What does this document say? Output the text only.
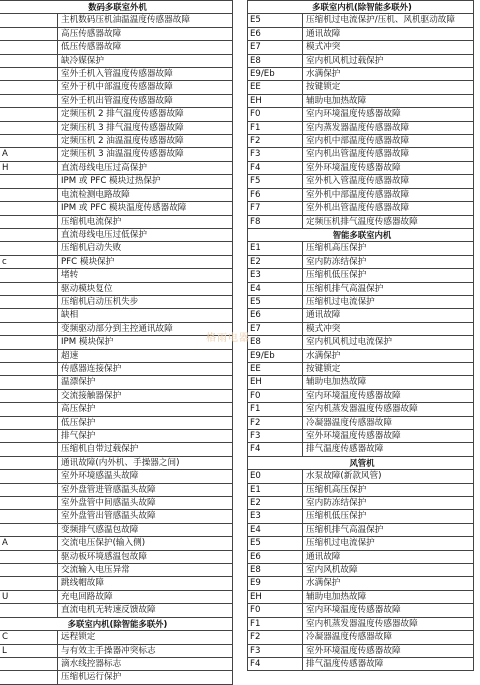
数码多联室外机	
	主机数码压机油温温度传感器故障
	高压传感器故障
	低压传感器故障
	缺冷媒保护
	室外壬机入管温度传感器故障
	室外于机中部温度传感器故障
	室外壬机出管温度传感器故障
	定频压机 2 排气温度传感器故障
	定频压机 3 排气温度传感器故障
	定频压机 2 油温温度传感器故障
A	定频压机 3 油温温度传感器故障
H	直流母线电压过高保护
	IPM 或 PFC 模块过热保护
	电流检测电路故障
	IPM 或 PFC 模块温度传感器故障
	压缩机电流保护
	直流母线电压过低保护
	压缩机启动失败
c	PFC 模块保护
	堵转
	驱动模块复位
	压缩机启动压机失步
	缺相
	变频驱动部分到主控通讯故障
	IPM 模块保护
	超速
	传感器连接保护
	温漂保护
	交流接触器保护
	高压保护
	低压保护
	排气保护
	压缩机自带过载保护
	通讯故障(内外机、手操器之间)
	室外环境感温头故障
	室外盘管进管感温头故障
	室外盘管中间感温头故障
	室外盘管出管感温头故障
	变频排气感温包故障
A	交流电压保护(输入侧)
	驱动板环境感温包故障
	交流输入电压异常
	跳线帽故障
U	充电回路故障
	直流电机无转速反馈故障
多联室内机(除智能多联外)	
C	远程锁定
L	与有效主手操器冲突标志
	滴水线控器标志
	压缩机运行保护
多联室内机(除智能多联外)	
E5	压缩机过电流保护/压机、风机驱动故障
E6	通讯故障
E7	模式冲突
E8	室内机风机过载保护
E9/Eb	水满保护
EE	按键锁定
EH	辅助电加热故障
F0	室内环境温度传感器故障
F1	室内蒸发器温度传感器故障
F2	室内机中部温度传感器故障
F3	室内机出管温度传感器故障
F4	室外环境温度传感器故障
F5	室外机入管温度传感器故障
F6	室外机中部温度传感器故障
F7	室外机出管温度传感器故障
F8	定频压机排气温度传感器故障
智能多联室内机	
E1	压缩机高压保护
E2	室内防冻结保护
E3	压缩机低压保护
E4	压缩机排气高温保护
E5	压缩机过电流保护
E6	通讯故障
E7	模式冲突
E8	室内机风机过电流保护
E9/Eb	水满保护
EE	按键锁定
EH	辅助电加热故障
F0	室内环境温度传感器故障
F1	室内机蒸发器温度传感器故障
F2	冷凝器温度传感器故障
F3	室外环境温度传感器故障
F4	排气温度传感器故障
风管机	
E0	水泵故障(新款风管)
E1	压缩机高压保护
E2	室内防冻结保护
E3	压缩机低压保护
E4	压缩机排气高温保护
E5	压缩机过电流保护
E6	通讯故障
E8	室内风机故障
E9	水满保护
EH	辅助电加热故障
F0	室内环境温度传感器故障
F1	室内机蒸发器温度传感器故障
F2	冷凝器温度传感器故障
F3	室外环境温度传感器故障
F4	排气温度传感器故障
格雨电器
